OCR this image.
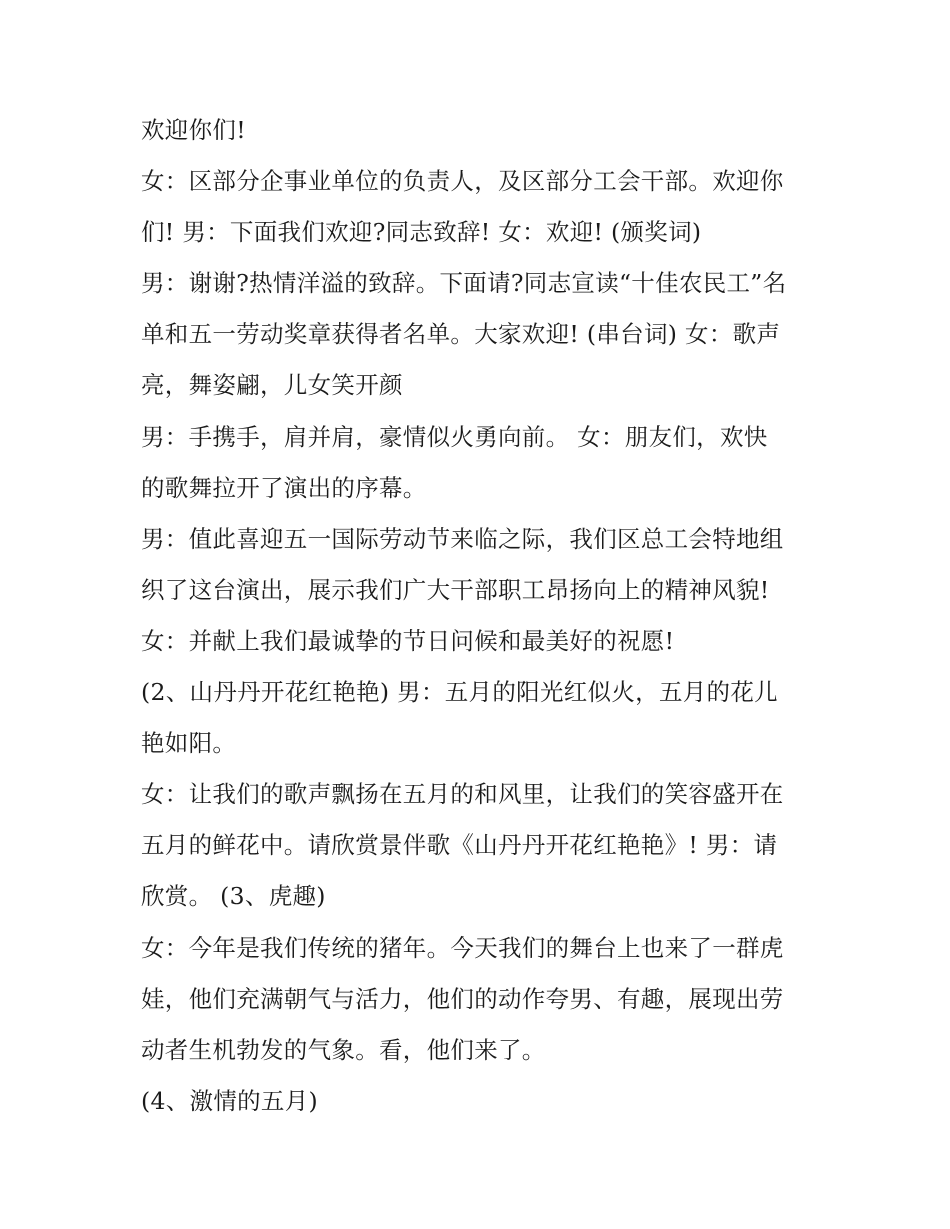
欢迎你们!
女：区部分企事业单位的负责人，及区部分工会干部。欢迎你
们! 男：下面我们欢迎?同志致辞! 女：欢迎! (颁奖词)
男：谢谢?热情洋溢的致辞。下面请?同志宣读“十佳农民工”名
单和五一劳动奖章获得者名单。大家欢迎! (串台词) 女：歌声
亮，舞姿翩，儿女笑开颜
男：手携手，肩并肩，豪情似火勇向前。 女：朋友们，欢快
的歌舞拉开了演出的序幕。
男：值此喜迎五一国际劳动节来临之际，我们区总工会特地组
织了这台演出，展示我们广大干部职工昂扬向上的精神风貌!
女：并献上我们最诚挚的节日问候和最美好的祝愿!
(2、山丹丹开花红艳艳) 男：五月的阳光红似火，五月的花儿
艳如阳。
女：让我们的歌声飘扬在五月的和风里，让我们的笑容盛开在
五月的鲜花中。请欣赏景伴歌《山丹丹开花红艳艳》! 男：请
欣赏。 (3、虎趣)
女：今年是我们传统的猪年。今天我们的舞台上也来了一群虎
娃，他们充满朝气与活力，他们的动作夸男、有趣，展现出劳
动者生机勃发的气象。看，他们来了。
(4、激情的五月)
